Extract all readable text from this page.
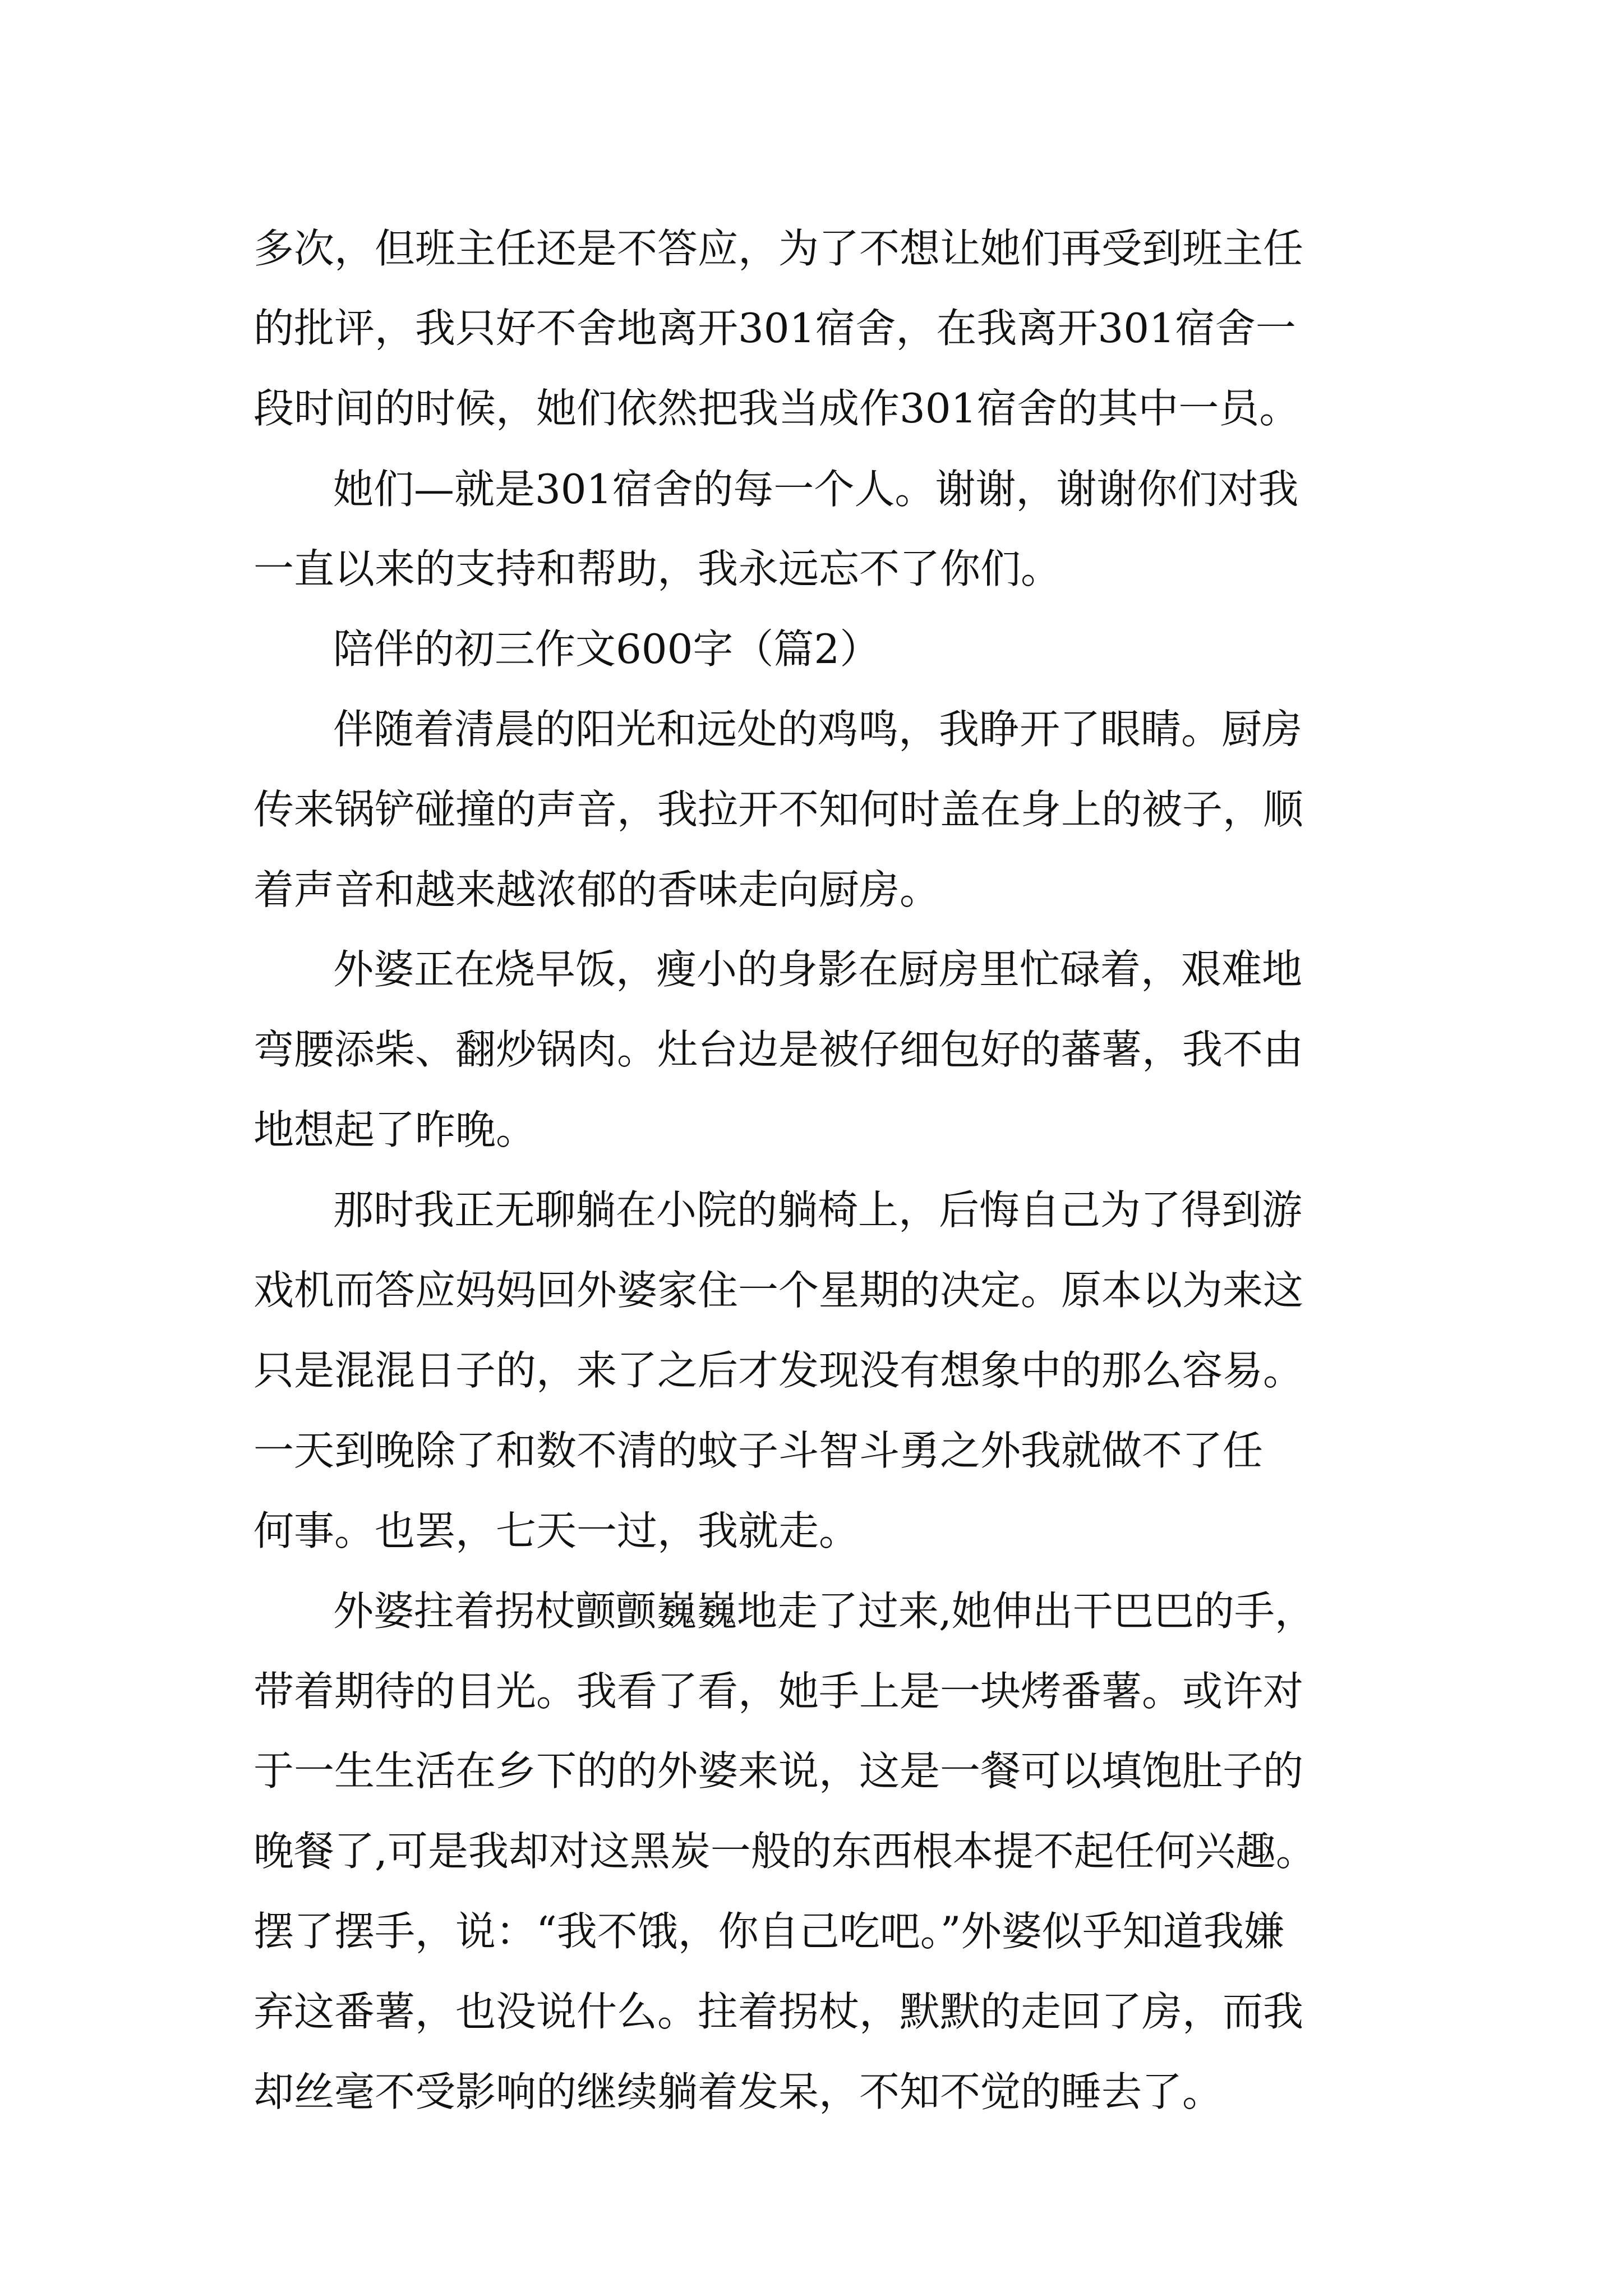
多次，但班主任还是不答应，为了不想让她们再受到班主任
的批评，我只好不舍地离开301宿舍，在我离开301宿舍一
段时间的时候，她们依然把我当成作301宿舍的其中一员。
她们—就是301宿舍的每一个人。谢谢，谢谢你们对我
一直以来的支持和帮助，我永远忘不了你们。
陪伴的初三作文600字（篇2）
伴随着清晨的阳光和远处的鸡鸣，我睁开了眼睛。厨房
传来锅铲碰撞的声音，我拉开不知何时盖在身上的被子，顺
着声音和越来越浓郁的香味走向厨房。
外婆正在烧早饭，瘦小的身影在厨房里忙碌着，艰难地
弯腰添柴、翻炒锅肉。灶台边是被仔细包好的蕃薯，我不由
地想起了昨晚。
那时我正无聊躺在小院的躺椅上，后悔自己为了得到游
戏机而答应妈妈回外婆家住一个星期的决定。原本以为来这
只是混混日子的，来了之后才发现没有想象中的那么容易。
一天到晚除了和数不清的蚊子斗智斗勇之外我就做不了任
何事。也罢，七天一过，我就走。
外婆拄着拐杖颤颤巍巍地走了过来,她伸出干巴巴的手，
带着期待的目光。我看了看，她手上是一块烤番薯。或许对
于一生生活在乡下的的外婆来说，这是一餐可以填饱肚子的
晚餐了,可是我却对这黑炭一般的东西根本提不起任何兴趣。
摆了摆手，说：“我不饿，你自己吃吧。”外婆似乎知道我嫌
弃这番薯，也没说什么。拄着拐杖，默默的走回了房，而我
却丝毫不受影响的继续躺着发呆，不知不觉的睡去了。
